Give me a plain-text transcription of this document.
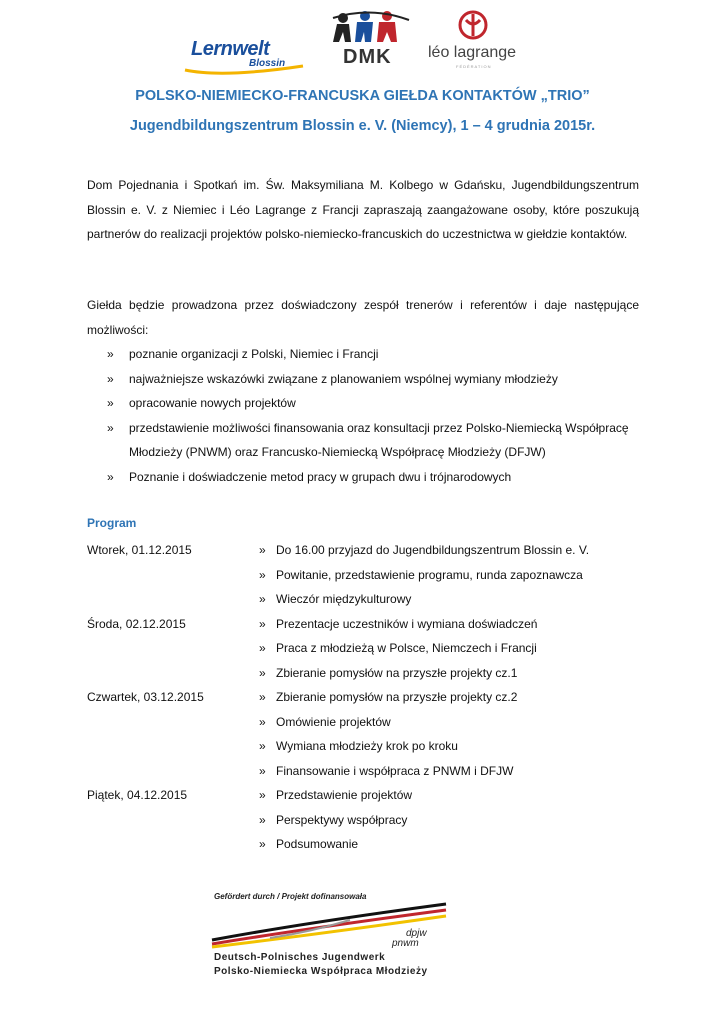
Lernwelt
Blossin	DMK léo lagrange
FÉDÉRATION
POLSKO-NIEMIECKO-FRANCUSKA GIEŁDA KONTAKTÓW „TRIO”
Jugendbildungszentrum Blossin e. V. (Niemcy), 1 – 4 grudnia 2015r.
Dom Pojednania i Spotkań im. Św. Maksymiliana M. Kolbego w Gdańsku, Jugendbildungszentrum Blossin e. V. z Niemiec i Léo Lagrange z Francji zapraszają zaangażowane osoby, które poszukują partnerów do realizacji projektów polsko-niemiecko-francuskich do uczestnictwa w giełdzie kontaktów.
Giełda będzie prowadzona przez doświadczony zespół trenerów i referentów i daje następujące możliwości:
» poznanie organizacji z Polski, Niemiec i Francji
» najważniejsze wskazówki związane z planowaniem wspólnej wymiany młodzieży
» opracowanie nowych projektów
» przedstawienie możliwości finansowania oraz konsultacji przez Polsko-Niemiecką Współpracę Młodzieży (PNWM) oraz Francusko-Niemiecką Współpracę Młodzieży (DFJW)
» Poznanie i doświadczenie metod pracy w grupach dwu i trójnarodowych
Program
Wtorek, 01.12.2015	» Do 16.00 przyjazd do Jugendbildungszentrum Blossin e. V.
» Powitanie, przedstawienie programu, runda zapoznawcza
» Wieczór międzykulturowy
Środa, 02.12.2015	» Prezentacje uczestników i wymiana doświadczeń
» Praca z młodzieżą w Polsce, Niemczech i Francji
» Zbieranie pomysłów na przyszłe projekty cz.1
Czwartek, 03.12.2015	» Zbieranie pomysłów na przyszłe projekty cz.2
» Omówienie projektów
» Wymiana młodzieży krok po kroku
» Finansowanie i współpraca z PNWM i DFJW
Piątek, 04.12.2015	» Przedstawienie projektów
» Perspektywy współpracy
» Podsumowanie
Gefördert durch / Projekt dofinansowała
dpjw
pnwm
Deutsch-Polnisches Jugendwerk
Polsko-Niemiecka Współpraca Młodzieży
